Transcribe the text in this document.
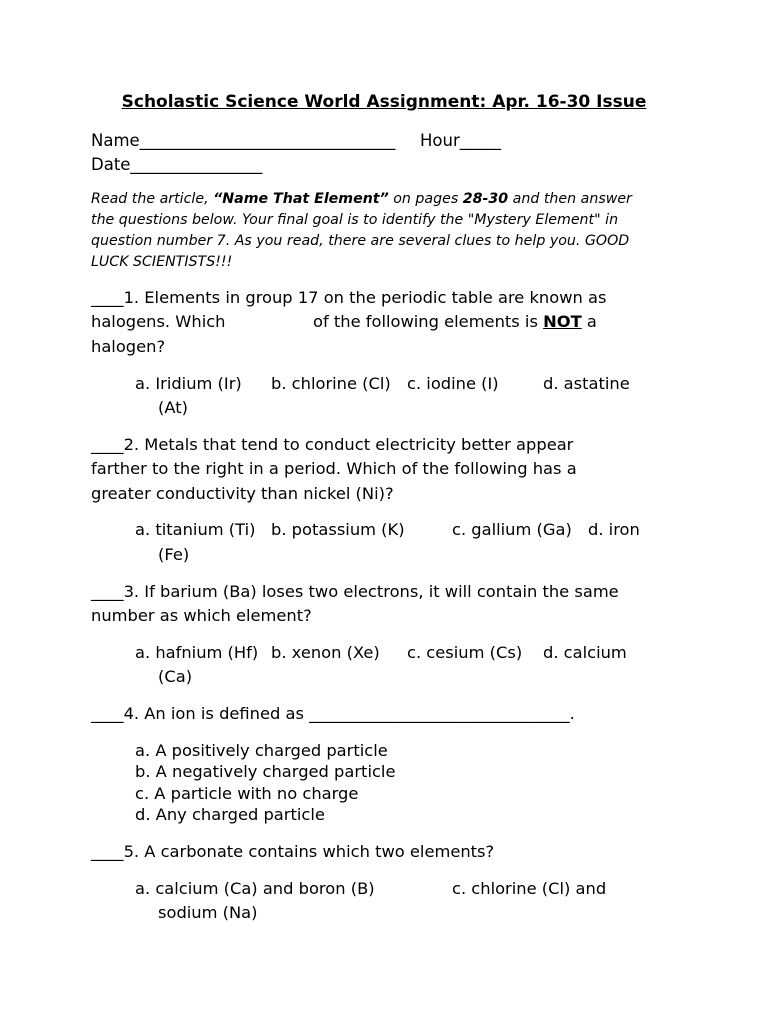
Scholastic Science World Assignment: Apr. 16-30 Issue
Name_______________________________ Hour_____
Date________________
Read the article, “Name That Element” on pages 28-30 and then answer
the questions below. Your final goal is to identify the "Mystery Element" in
question number 7. As you read, there are several clues to help you. GOOD
LUCK SCIENTISTS!!!
____1. Elements in group 17 on the periodic table are known as
halogens. Which	of the following elements is NOT a
halogen?
a. Iridium (Ir) b. chlorine (Cl) c. iodine (I)	d. astatine
(At)
____2. Metals that tend to conduct electricity better appear
farther to the right in a period. Which of the following has a
greater conductivity than nickel (Ni)?
a. titanium (Ti) b. potassium (K)	c. gallium (Ga) d. iron
(Fe)
____3. If barium (Ba) loses two electrons, it will contain the same
number as which element?
a. hafnium (Hf) b. xenon (Xe) c. cesium (Cs) d. calcium
(Ca)
____4. An ion is defined as ________________________________.
a. A positively charged particle
b. A negatively charged particle
c. A particle with no charge
d. Any charged particle
____5. A carbonate contains which two elements?
a. calcium (Ca) and boron (B)	c. chlorine (Cl) and
sodium (Na)
